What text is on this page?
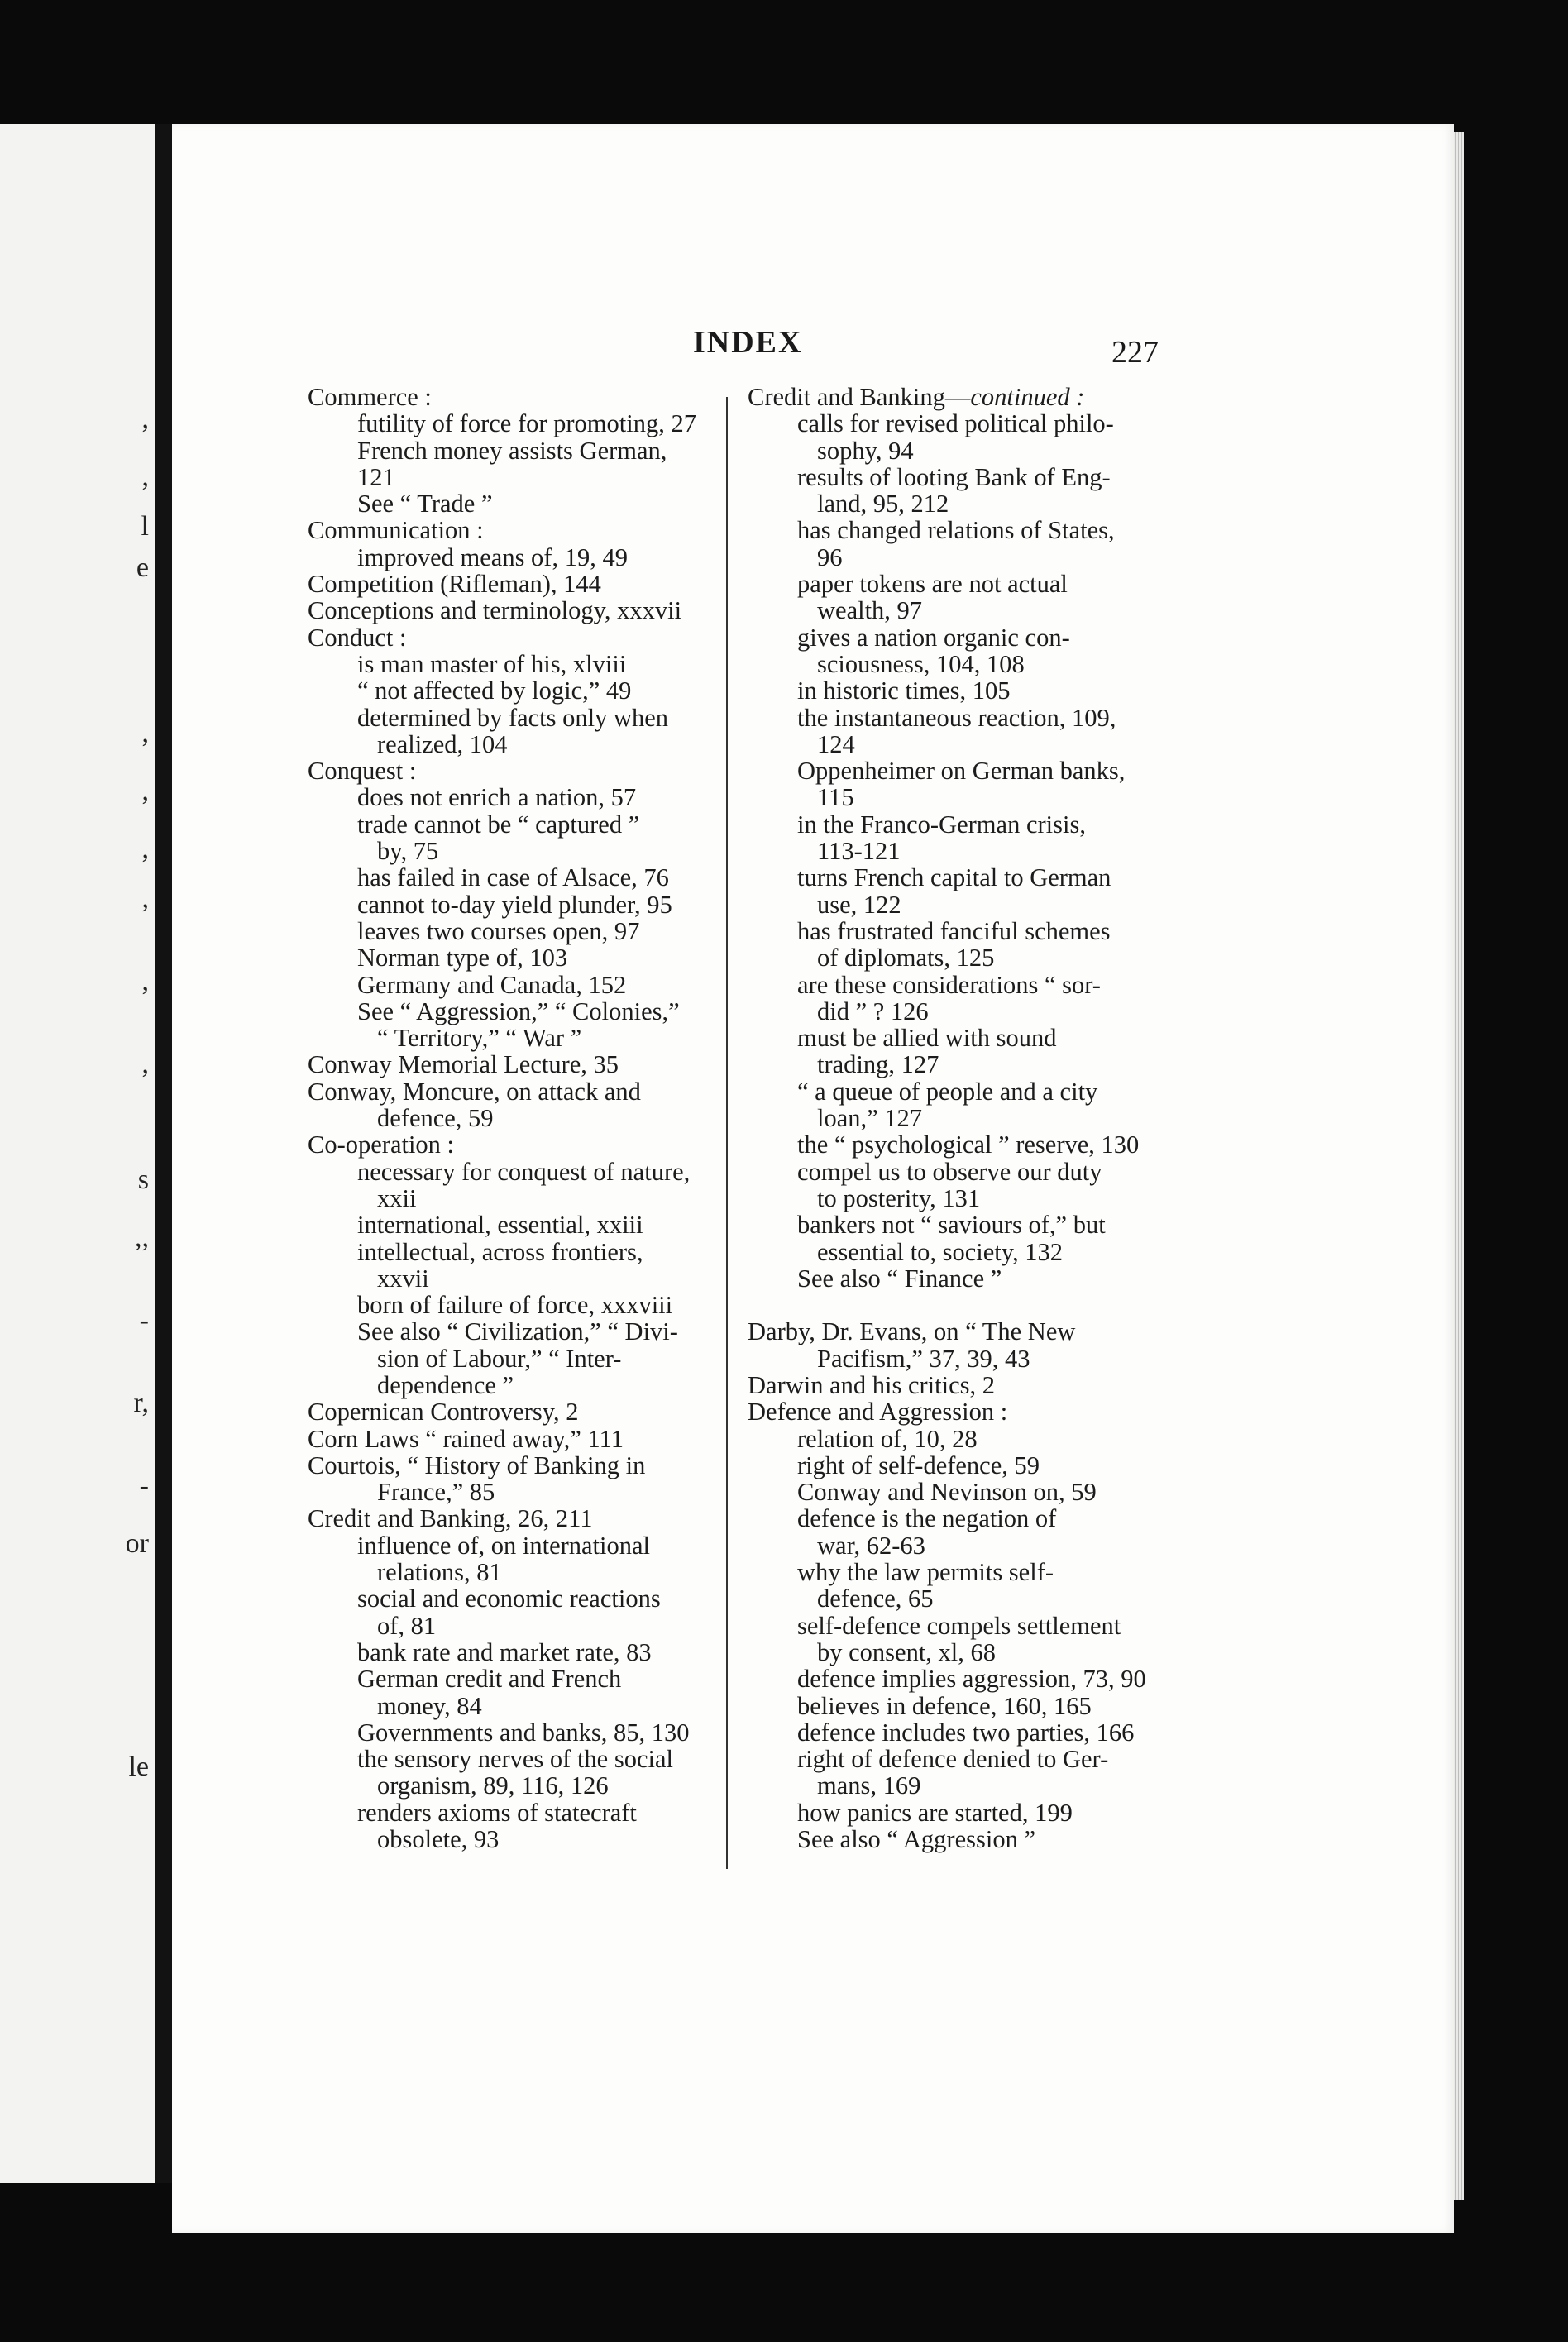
,
,
l
e
,
,
,
,
,
,
s
,,
-
r,
-
or
le
INDEX	227
Commerce :
futility of force for promoting, 27
French money assists German,
121
See “ Trade ”
Communication :
improved means of, 19, 49
Competition (Rifleman), 144
Conceptions and terminology, xxxvii
Conduct :
is man master of his, xlviii
“ not affected by logic,” 49
determined by facts only when
realized, 104
Conquest :
does not enrich a nation, 57
trade cannot be “ captured ”
by, 75
has failed in case of Alsace, 76
cannot to-day yield plunder, 95
leaves two courses open, 97
Norman type of, 103
Germany and Canada, 152
See “ Aggression,” “ Colonies,”
“ Territory,” “ War ”
Conway Memorial Lecture, 35
Conway, Moncure, on attack and
defence, 59
Co-operation :
necessary for conquest of nature,
xxii
international, essential, xxiii
intellectual, across frontiers,
xxvii
born of failure of force, xxxviii
See also “ Civilization,” “ Divi-
sion of Labour,” “ Inter-
dependence ”
Copernican Controversy, 2
Corn Laws “ rained away,” 111
Courtois, “ History of Banking in
France,” 85
Credit and Banking, 26, 211
influence of, on international
relations, 81
social and economic reactions
of, 81
bank rate and market rate, 83
German credit and French
money, 84
Governments and banks, 85, 130
the sensory nerves of the social
organism, 89, 116, 126
renders axioms of statecraft
obsolete, 93
Credit and Banking—continued :
calls for revised political philo-
sophy, 94
results of looting Bank of Eng-
land, 95, 212
has changed relations of States,
96
paper tokens are not actual
wealth, 97
gives a nation organic con-
sciousness, 104, 108
in historic times, 105
the instantaneous reaction, 109,
124
Oppenheimer on German banks,
115
in the Franco-German crisis,
113-121
turns French capital to German
use, 122
has frustrated fanciful schemes
of diplomats, 125
are these considerations “ sor-
did ” ? 126
must be allied with sound
trading, 127
“ a queue of people and a city
loan,” 127
the “ psychological ” reserve, 130
compel us to observe our duty
to posterity, 131
bankers not “ saviours of,” but
essential to, society, 132
See also “ Finance ”
Darby, Dr. Evans, on “ The New
Pacifism,” 37, 39, 43
Darwin and his critics, 2
Defence and Aggression :
relation of, 10, 28
right of self-defence, 59
Conway and Nevinson on, 59
defence is the negation of
war, 62-63
why the law permits self-
defence, 65
self-defence compels settlement
by consent, xl, 68
defence implies aggression, 73, 90
believes in defence, 160, 165
defence includes two parties, 166
right of defence denied to Ger-
mans, 169
how panics are started, 199
See also “ Aggression ”
